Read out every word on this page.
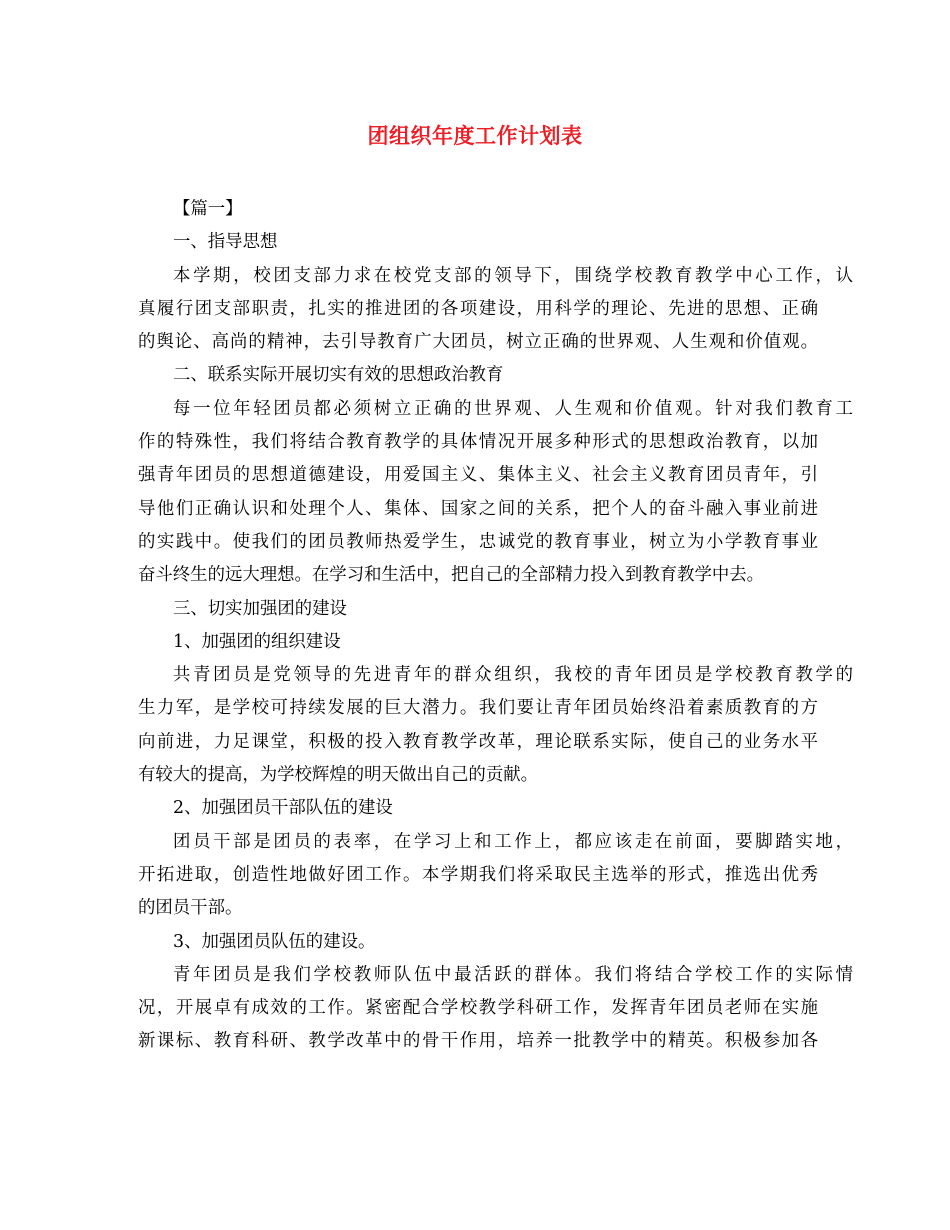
团组织年度工作计划表
【篇一】
一、指导思想
本学期，校团支部力求在校党支部的领导下，围绕学校教育教学中心工作，认
真履行团支部职责，扎实的推进团的各项建设，用科学的理论、先进的思想、正确
的舆论、高尚的精神，去引导教育广大团员，树立正确的世界观、人生观和价值观。
二、联系实际开展切实有效的思想政治教育
每一位年轻团员都必须树立正确的世界观、人生观和价值观。针对我们教育工
作的特殊性，我们将结合教育教学的具体情况开展多种形式的思想政治教育，以加
强青年团员的思想道德建设，用爱国主义、集体主义、社会主义教育团员青年，引
导他们正确认识和处理个人、集体、国家之间的关系，把个人的奋斗融入事业前进
的实践中。使我们的团员教师热爱学生，忠诚党的教育事业，树立为小学教育事业
奋斗终生的远大理想。在学习和生活中，把自己的全部精力投入到教育教学中去。
三、切实加强团的建设
1、加强团的组织建设
共青团员是党领导的先进青年的群众组织，我校的青年团员是学校教育教学的
生力军，是学校可持续发展的巨大潜力。我们要让青年团员始终沿着素质教育的方
向前进，力足课堂，积极的投入教育教学改革，理论联系实际，使自己的业务水平
有较大的提高，为学校辉煌的明天做出自己的贡献。
2、加强团员干部队伍的建设
团员干部是团员的表率，在学习上和工作上，都应该走在前面，要脚踏实地，
开拓进取，创造性地做好团工作。本学期我们将采取民主选举的形式，推选出优秀
的团员干部。
3、加强团员队伍的建设。
青年团员是我们学校教师队伍中最活跃的群体。我们将结合学校工作的实际情
况，开展卓有成效的工作。紧密配合学校教学科研工作，发挥青年团员老师在实施
新课标、教育科研、教学改革中的骨干作用，培养一批教学中的精英。积极参加各
